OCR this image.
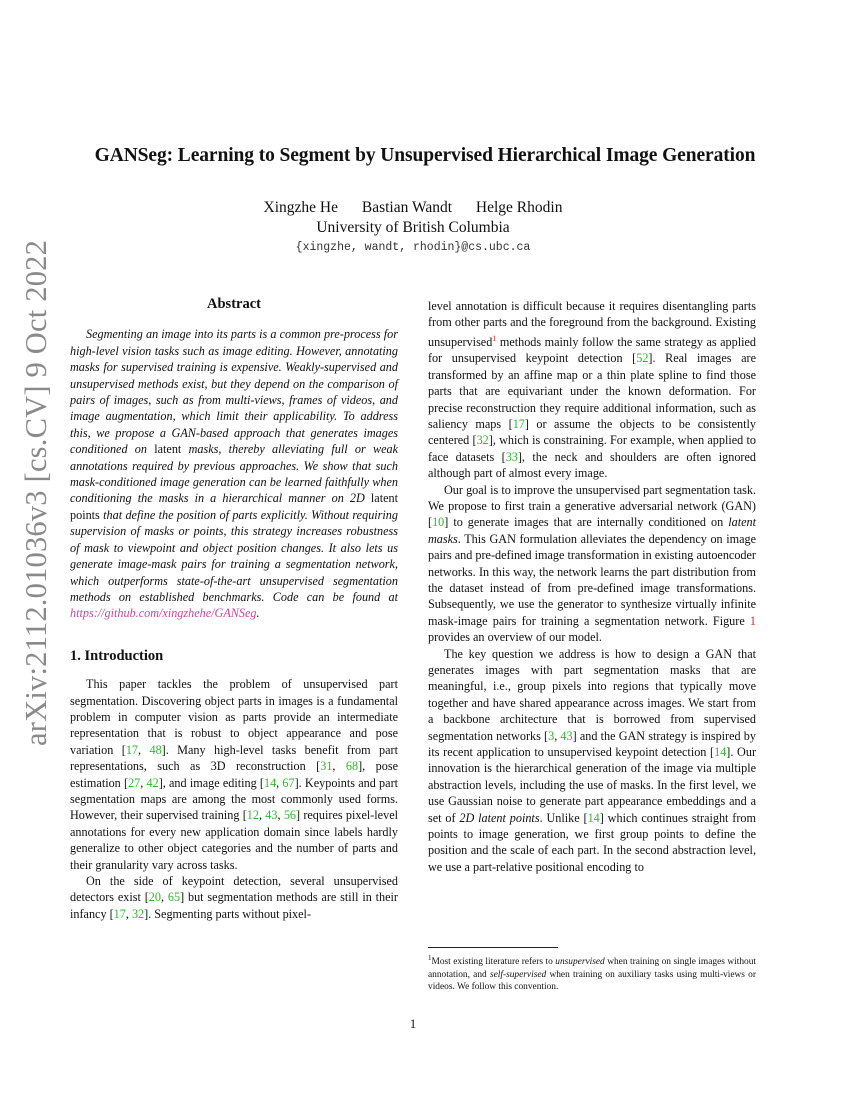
arXiv:2112.01036v3 [cs.CV] 9 Oct 2022
GANSeg: Learning to Segment by Unsupervised Hierarchical Image Generation
Xingzhe He Bastian Wandt Helge Rhodin
University of British Columbia
{xingzhe, wandt, rhodin}@cs.ubc.ca
Abstract

Segmenting an image into its parts is a common pre-process for high-level vision tasks such as image editing. However, annotating masks for supervised training is expensive. Weakly-supervised and unsupervised methods exist, but they depend on the comparison of pairs of images, such as from multi-views, frames of videos, and image augmentation, which limit their applicability. To address this, we propose a GAN-based approach that generates images conditioned on latent masks, thereby alleviating full or weak annotations required by previous approaches. We show that such mask-conditioned image generation can be learned faithfully when conditioning the masks in a hierarchical manner on 2D latent points that define the position of parts explicitly. Without requiring supervision of masks or points, this strategy increases robustness of mask to viewpoint and object position changes. It also lets us generate image-mask pairs for training a segmentation network, which outperforms state-of-the-art unsupervised segmentation methods on established benchmarks. Code can be found at https://github.com/xingzhehe/GANSeg.

1. Introduction

This paper tackles the problem of unsupervised part segmentation. Discovering object parts in images is a fundamental problem in computer vision as parts provide an intermediate representation that is robust to object appearance and pose variation [17, 48]. Many high-level tasks benefit from part representations, such as 3D reconstruction [31, 68], pose estimation [27, 42], and image editing [14, 67]. Keypoints and part segmentation maps are among the most commonly used forms. However, their supervised training [12, 43, 56] requires pixel-level annotations for every new application domain since labels hardly generalize to other object categories and the number of parts and their granularity vary across tasks.

On the side of keypoint detection, several unsupervised detectors exist [20, 65] but segmentation methods are still in their infancy [17, 32]. Segmenting parts without pixel-

level annotation is difficult because it requires disentangling parts from other parts and the foreground from the background. Existing unsupervised$^1$ methods mainly follow the same strategy as applied for unsupervised keypoint detection [52]. Real images are transformed by an affine map or a thin plate spline to find those parts that are equivariant under the known deformation. For precise reconstruction they require additional information, such as saliency maps [17] or assume the objects to be consistently centered [32], which is constraining. For example, when applied to face datasets [33], the neck and shoulders are often ignored although part of almost every image.

Our goal is to improve the unsupervised part segmentation task. We propose to first train a generative adversarial network (GAN) [10] to generate images that are internally conditioned on latent masks. This GAN formulation alleviates the dependency on image pairs and pre-defined image transformation in existing autoencoder networks. In this way, the network learns the part distribution from the dataset instead of from pre-defined image transformations. Subsequently, we use the generator to synthesize virtually infinite mask-image pairs for training a segmentation network. Figure 1 provides an overview of our model.

The key question we address is how to design a GAN that generates images with part segmentation masks that are meaningful, i.e., group pixels into regions that typically move together and have shared appearance across images. We start from a backbone architecture that is borrowed from supervised segmentation networks [3, 43] and the GAN strategy is inspired by its recent application to unsupervised keypoint detection [14]. Our innovation is the hierarchical generation of the image via multiple abstraction levels, including the use of masks. In the first level, we use Gaussian noise to generate part appearance embeddings and a set of 2D latent points. Unlike [14] which continues straight from points to image generation, we first group points to define the position and the scale of each part. In the second abstraction level, we use a part-relative positional encoding to

$^1$Most existing literature refers to unsupervised when training on single images without annotation, and self-supervised when training on auxiliary tasks using multi-views or videos. We follow this convention.
1
